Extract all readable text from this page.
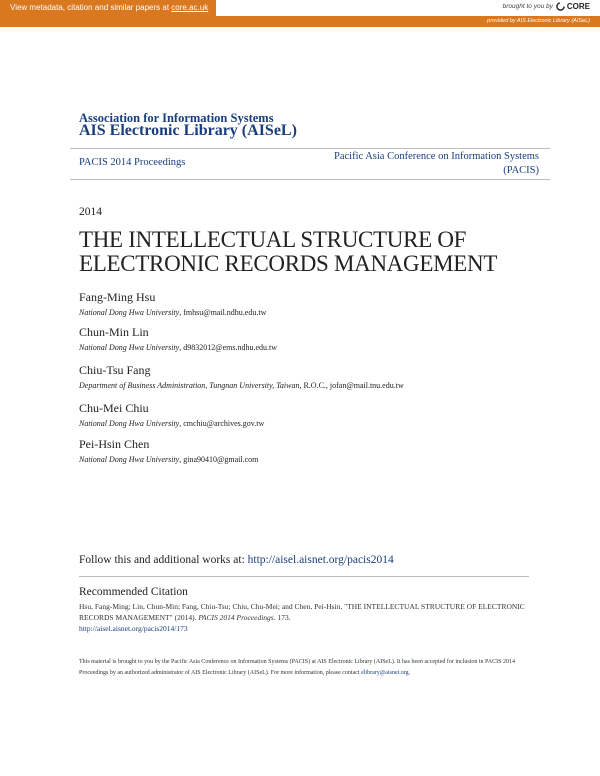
View metadata, citation and similar papers at core.ac.uk	brought to you by CORE
provided by AIS Electronic Library (AISeL)
Association for Information Systems
AIS Electronic Library (AISeL)
PACIS 2014 Proceedings
Pacific Asia Conference on Information Systems
(PACIS)
2014
THE INTELLECTUAL STRUCTURE OF ELECTRONIC RECORDS MANAGEMENT
Fang-Ming Hsu
National Dong Hwa University, fmhsu@mail.ndhu.edu.tw
Chun-Min Lin
National Dong Hwa University, d9832012@ems.ndhu.edu.tw
Chiu-Tsu Fang
Department of Business Administration, Tungnan University, Taiwan, R.O.C., jofan@mail.tnu.edu.tw
Chu-Mei Chiu
National Dong Hwa University, cmchiu@archives.gov.tw
Pei-Hsin Chen
National Dong Hwa University, gina90410@gmail.com
Follow this and additional works at: http://aisel.aisnet.org/pacis2014
Recommended Citation
Hsu, Fang-Ming; Lin, Chun-Min; Fang, Chiu-Tsu; Chiu, Chu-Mei; and Chen, Pei-Hsin, "THE INTELLECTUAL STRUCTURE OF ELECTRONIC RECORDS MANAGEMENT" (2014). PACIS 2014 Proceedings. 173.
http://aisel.aisnet.org/pacis2014/173
This material is brought to you by the Pacific Asia Conference on Information Systems (PACIS) at AIS Electronic Library (AISeL). It has been accepted for inclusion in PACIS 2014 Proceedings by an authorized administrator of AIS Electronic Library (AISeL). For more information, please contact elibrary@aisnet.org.
